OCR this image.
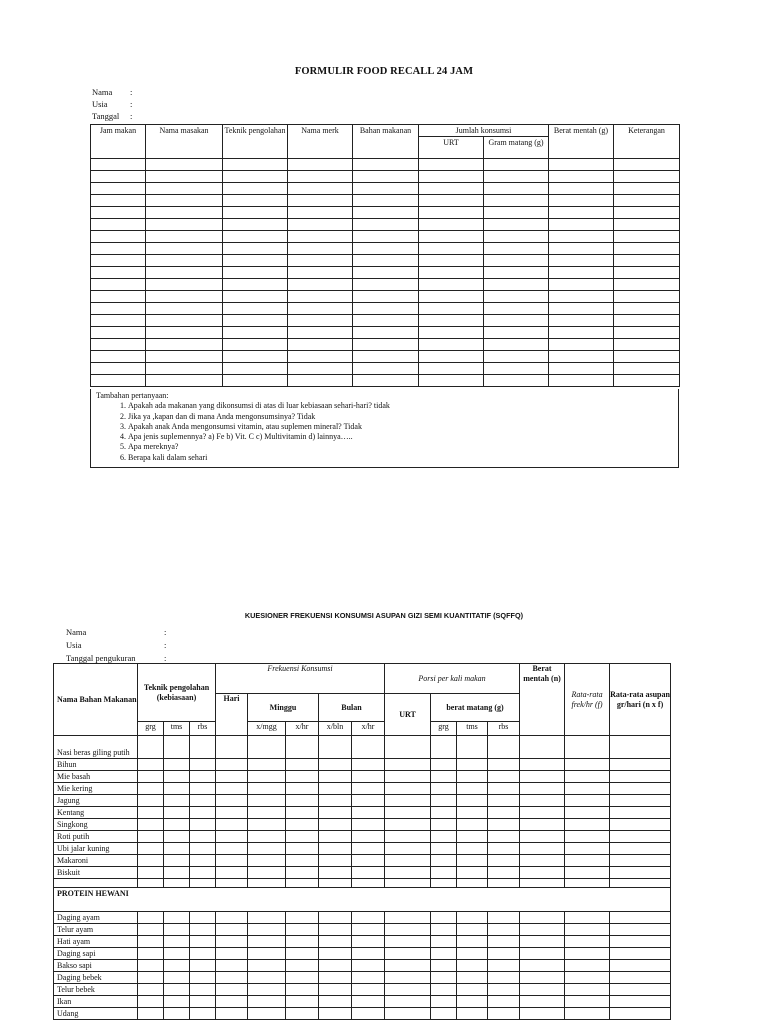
FORMULIR FOOD RECALL 24 JAM
Nama :
Usia	:
Tanggal :
Jam makan	Nama masakan	Teknik pengolahan	Nama merk	Bahan makanan	Jumlah konsumsi		Berat mentah (g)	Keterangan
					URT	Gram matang (g)		

Tambahan pertanyaan:
1. Apakah ada makanan yang dikonsumsi di atas di luar kebiasaan sehari-hari? tidak
2. Jika ya ,kapan dan di mana Anda mengonsumsinya? Tidak
3. Apakah anak Anda mengonsumsi vitamin, atau suplemen mineral? Tidak
4. Apa jenis suplemennya? a) Fe b) Vit. C c) Multivitamin d) lainnya…..
5. Apa mereknya?
6. Berapa kali dalam sehari
KUESIONER FREKUENSI KONSUMSI ASUPAN GIZI SEMI KUANTITATIF (SQFFQ)
Nama	:
Usia	:
Tanggal pengukuran	:
Nama Bahan Makanan	Teknik pengolahan (kebiasaan)			Frekuensi Konsumsi					Porsi per kali makan				Berat mentah (n)	Rata-rata frek/hr (f)	Rata-rata asupan gr/hari (n x f)
				Hari	Minggu		Bulan		URT	berat matang (g)					
	grg	tms	rbs		x/mgg	x/hr	x/bln	x/hr		grg	tms	rbs			
Nasi beras giling putih															
Bihun															
Mie basah															
Mie kering															
Jagung															
Kentang															
Singkong															
Roti putih															
Ubi jalar kuning															
Makaroni															
Biskuit															

PROTEIN HEWANI															
Daging ayam															
Telur ayam															
Hati ayam															
Daging sapi															
Bakso sapi															
Daging bebek															
Telur bebek															
Ikan															
Udang															
